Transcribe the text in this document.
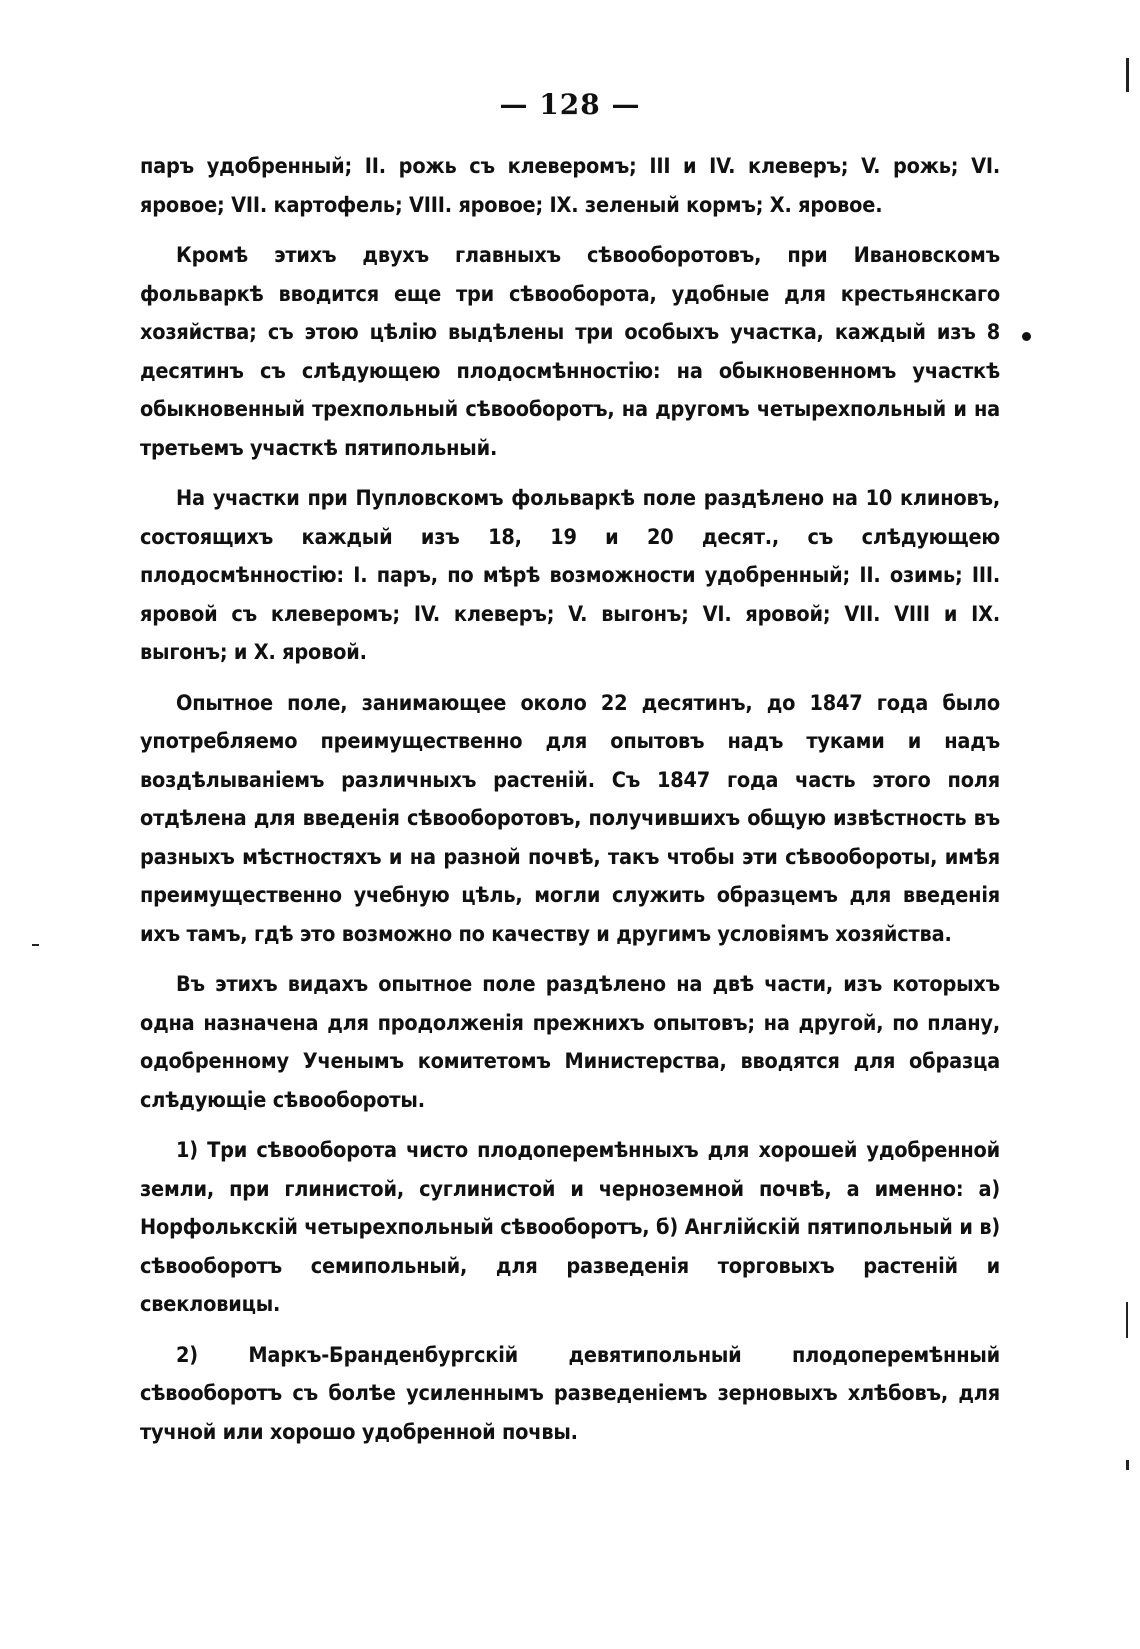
— 128 —

паръ удобренный; II. рожь съ клеверомъ; III и IV. клеверъ; V. рожь; VI. яровое; VII. картофель; VIII. яровое; IX. зеленый кормъ; X. яровое.

Кромѣ этихъ двухъ главныхъ сѣвооборотовъ, при Ивановскомъ фольваркѣ вводится еще три сѣвооборота, удобные для крестьянскаго хозяйства; съ этою цѣлію выдѣлены три особыхъ участка, каждый изъ 8 десятинъ съ слѣдующею плодосмѣнностію: на обыкновенномъ участкѣ обыкновенный трехпольный сѣвооборотъ, на другомъ четырехпольный и на третьемъ участкѣ пятипольный.

На участки при Пупловскомъ фольваркѣ поле раздѣлено на 10 клиновъ, состоящихъ каждый изъ 18, 19 и 20 десят., съ слѣдующею плодосмѣнностію: I. паръ, по мѣрѣ возможности удобренный; II. озимь; III. яровой съ клеверомъ; IV. клеверъ; V. выгонъ; VI. яровой; VII. VIII и IX. выгонъ; и X. яровой.

Опытное поле, занимающее около 22 десятинъ, до 1847 года было употребляемо преимущественно для опытовъ надъ туками и надъ воздѣлываніемъ различныхъ растеній. Съ 1847 года часть этого поля отдѣлена для введенія сѣвооборотовъ, получившихъ общую извѣстность въ разныхъ мѣстностяхъ и на разной почвѣ, такъ чтобы эти сѣвообороты, имѣя преимущественно учебную цѣль, могли служить образцемъ для введенія ихъ тамъ, гдѣ это возможно по качеству и другимъ условіямъ хозяйства.

Въ этихъ видахъ опытное поле раздѣлено на двѣ части, изъ которыхъ одна назначена для продолженія прежнихъ опытовъ; на другой, по плану, одобренному Ученымъ комитетомъ Министерства, вводятся для образца слѣдующіе сѣвообороты.

1) Три сѣвооборота чисто плодоперемѣнныхъ для хорошей удобренной земли, при глинистой, суглинистой и черноземной почвѣ, а именно: а) Норфолькскій четырехпольный сѣвооборотъ, б) Англійскій пятипольный и в) сѣвооборотъ семипольный, для разведенія торговыхъ растеній и свекловицы.

2) Маркъ-Бранденбургскій девятипольный плодоперемѣнный сѣвооборотъ съ болѣе усиленнымъ разведеніемъ зерновыхъ хлѣбовъ, для тучной или хорошо удобренной почвы.
